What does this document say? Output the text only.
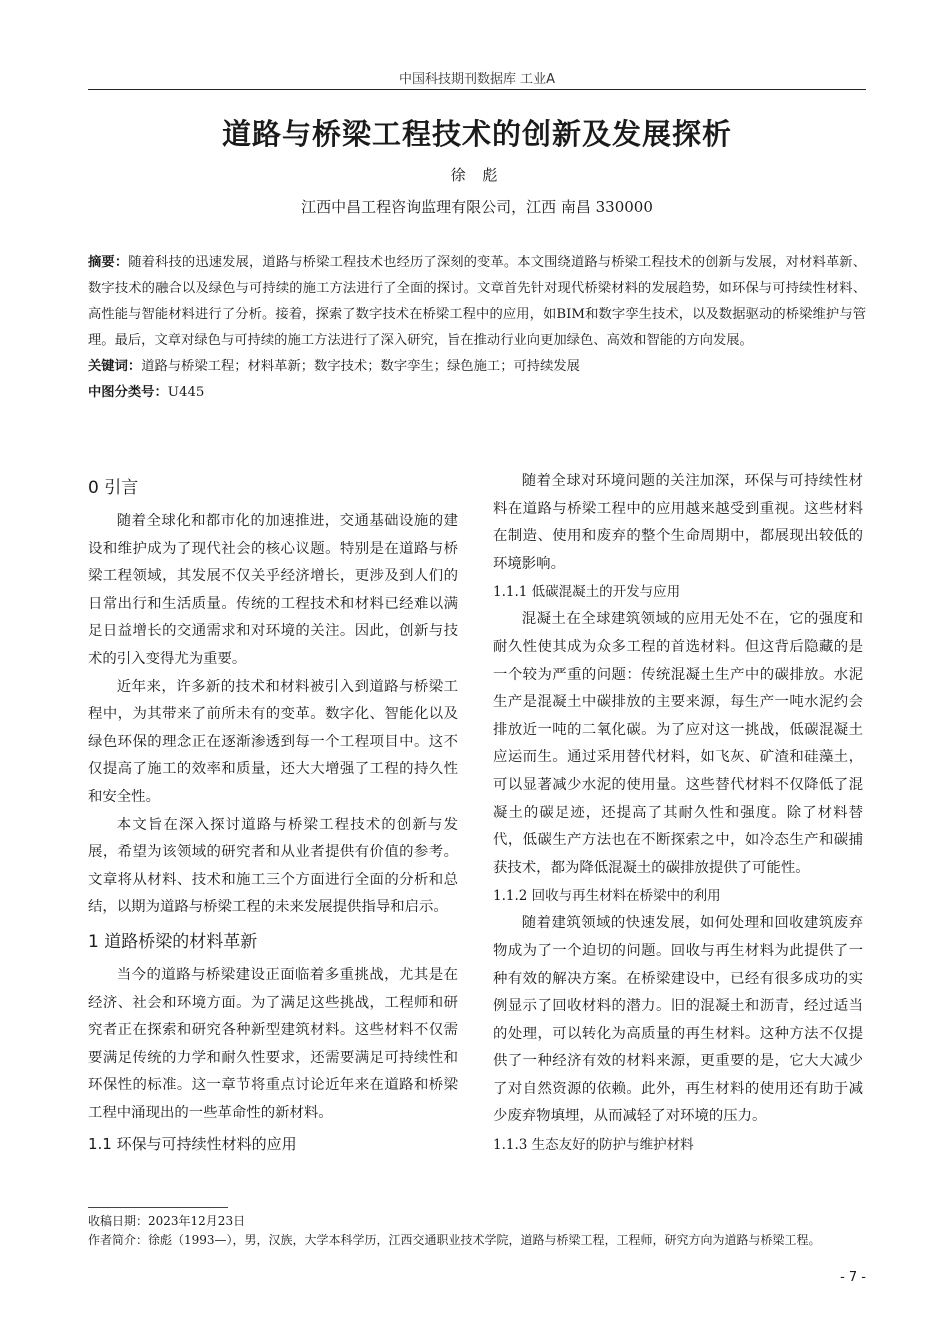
中国科技期刊数据库 工业A
道路与桥梁工程技术的创新及发展探析
徐 彪
江西中昌工程咨询监理有限公司，江西 南昌 330000

摘要：随着科技的迅速发展，道路与桥梁工程技术也经历了深刻的变革。本文围绕道路与桥梁工程技术的创新与发展，对材料革新、数字技术的融合以及绿色与可持续的施工方法进行了全面的探讨。文章首先针对现代桥梁材料的发展趋势，如环保与可持续性材料、高性能与智能材料进行了分析。接着，探索了数字技术在桥梁工程中的应用，如BIM和数字孪生技术，以及数据驱动的桥梁维护与管理。最后，文章对绿色与可持续的施工方法进行了深入研究，旨在推动行业向更加绿色、高效和智能的方向发展。

关键词：道路与桥梁工程；材料革新；数字技术；数字孪生；绿色施工；可持续发展

中图分类号：U445

0 引言

随着全球化和都市化的加速推进，交通基础设施的建设和维护成为了现代社会的核心议题。特别是在道路与桥梁工程领域，其发展不仅关乎经济增长，更涉及到人们的日常出行和生活质量。传统的工程技术和材料已经难以满足日益增长的交通需求和对环境的关注。因此，创新与技术的引入变得尤为重要。

近年来，许多新的技术和材料被引入到道路与桥梁工程中，为其带来了前所未有的变革。数字化、智能化以及绿色环保的理念正在逐渐渗透到每一个工程项目中。这不仅提高了施工的效率和质量，还大大增强了工程的持久性和安全性。

本文旨在深入探讨道路与桥梁工程技术的创新与发展，希望为该领域的研究者和从业者提供有价值的参考。文章将从材料、技术和施工三个方面进行全面的分析和总结，以期为道路与桥梁工程的未来发展提供指导和启示。

1 道路桥梁的材料革新

当今的道路与桥梁建设正面临着多重挑战，尤其是在经济、社会和环境方面。为了满足这些挑战，工程师和研究者正在探索和研究各种新型建筑材料。这些材料不仅需要满足传统的力学和耐久性要求，还需要满足可持续性和环保性的标准。这一章节将重点讨论近年来在道路和桥梁工程中涌现出的一些革命性的新材料。

1.1 环保与可持续性材料的应用

随着全球对环境问题的关注加深，环保与可持续性材料在道路与桥梁工程中的应用越来越受到重视。这些材料在制造、使用和废弃的整个生命周期中，都展现出较低的环境影响。

1.1.1 低碳混凝土的开发与应用

混凝土在全球建筑领域的应用无处不在，它的强度和耐久性使其成为众多工程的首选材料。但这背后隐藏的是一个较为严重的问题：传统混凝土生产中的碳排放。水泥生产是混凝土中碳排放的主要来源，每生产一吨水泥约会排放近一吨的二氧化碳。为了应对这一挑战，低碳混凝土应运而生。通过采用替代材料，如飞灰、矿渣和硅藻土，可以显著减少水泥的使用量。这些替代材料不仅降低了混凝土的碳足迹，还提高了其耐久性和强度。除了材料替代，低碳生产方法也在不断探索之中，如冷态生产和碳捕获技术，都为降低混凝土的碳排放提供了可能性。

1.1.2 回收与再生材料在桥梁中的利用

随着建筑领域的快速发展，如何处理和回收建筑废弃物成为了一个迫切的问题。回收与再生材料为此提供了一种有效的解决方案。在桥梁建设中，已经有很多成功的实例显示了回收材料的潜力。旧的混凝土和沥青，经过适当的处理，可以转化为高质量的再生材料。这种方法不仅提供了一种经济有效的材料来源，更重要的是，它大大减少了对自然资源的依赖。此外，再生材料的使用还有助于减少废弃物填埋，从而减轻了对环境的压力。

1.1.3 生态友好的防护与维护材料
收稿日期：2023年12月23日
作者简介：徐彪（1993—），男，汉族，大学本科学历，江西交通职业技术学院，道路与桥梁工程，工程师，研究方向为道路与桥梁工程。
- 7 -
